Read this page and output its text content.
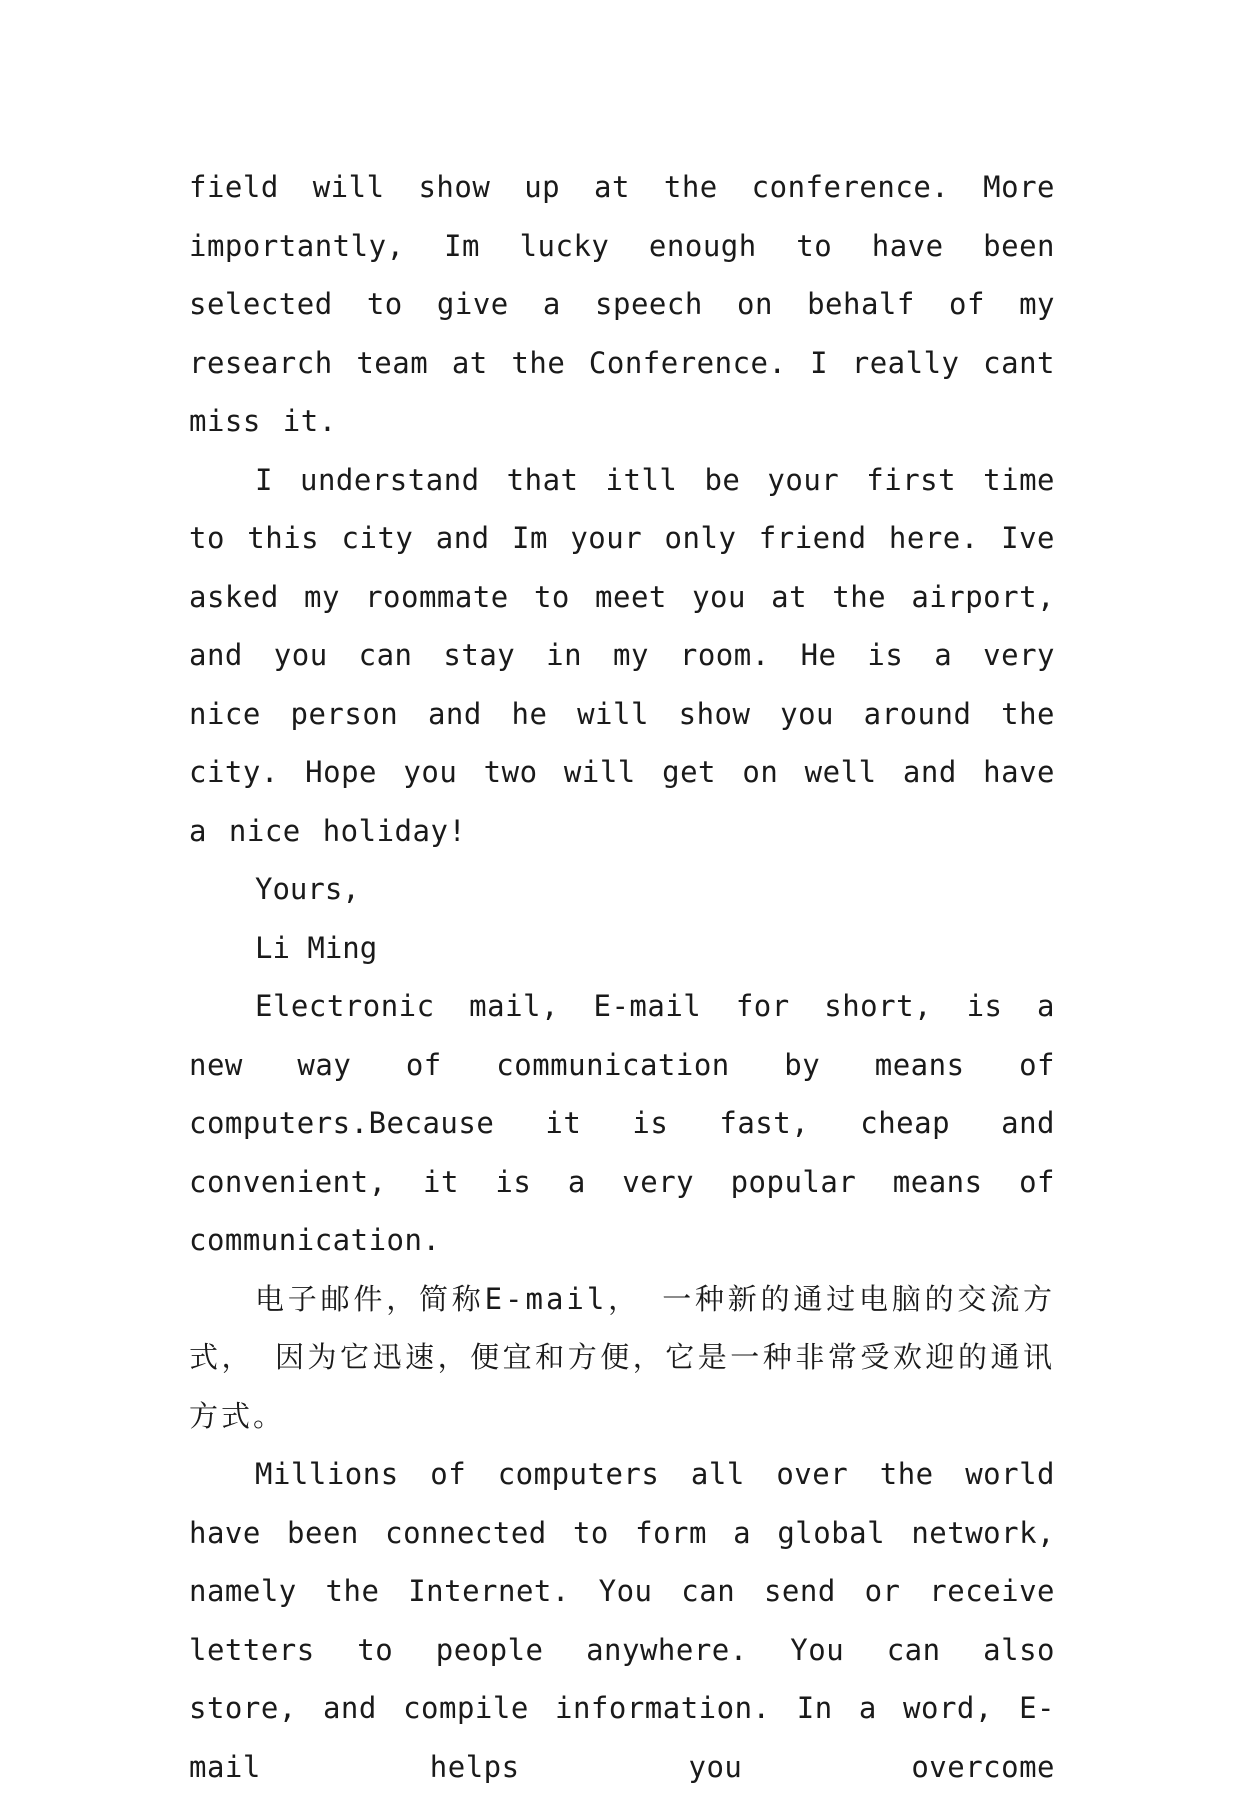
field will show up at the conference. More importantly, Im lucky enough to have been selected to give a speech on behalf of my research team at the Conference. I really cant miss it.

I understand that itll be your first time to this city and Im your only friend here. Ive asked my roommate to meet you at the airport, and you can stay in my room. He is a very nice person and he will show you around the city. Hope you two will get on well and have a nice holiday!

Yours,

Li Ming

Electronic mail, E-mail for short, is a new way of communication by means of computers.Because it is fast, cheap and convenient, it is a very popular means of communication.

电子邮件，简称E-mail， 一种新的通过电脑的交流方式， 因为它迅速，便宜和方便，它是一种非常受欢迎的通讯方式。

Millions of computers all over the world have been connected to form a global network, namely the Internet. You can send or receive letters to people anywhere. You can also store, and compile information. In a word, E-mail helps you overcome
